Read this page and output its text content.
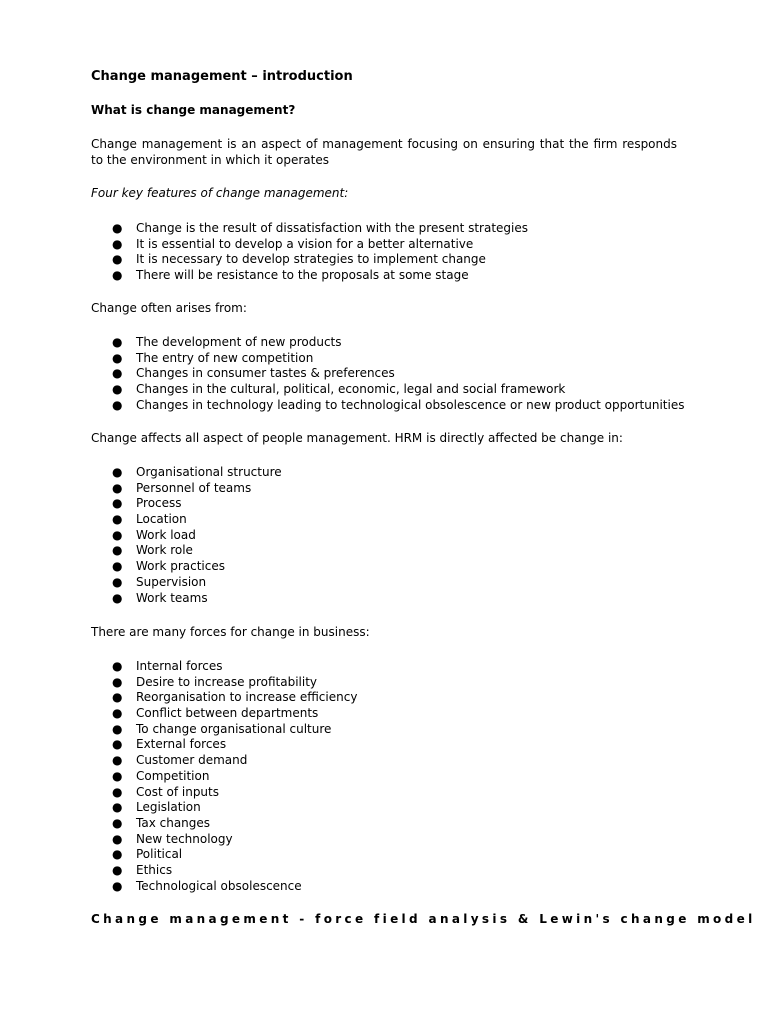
Change management – introduction
What is change management?
Change management is an aspect of management focusing on ensuring that the firm responds to the environment in which it operates
Four key features of change management:
● Change is the result of dissatisfaction with the present strategies
● It is essential to develop a vision for a better alternative
● It is necessary to develop strategies to implement change
● There will be resistance to the proposals at some stage
Change often arises from:
● The development of new products
● The entry of new competition
● Changes in consumer tastes & preferences
● Changes in the cultural, political, economic, legal and social framework
● Changes in technology leading to technological obsolescence or new product opportunities
Change affects all aspect of people management. HRM is directly affected be change in:
● Organisational structure
● Personnel of teams
● Process
● Location
● Work load
● Work role
● Work practices
● Supervision
● Work teams
There are many forces for change in business:
● Internal forces
● Desire to increase profitability
● Reorganisation to increase efficiency
● Conflict between departments
● To change organisational culture
● External forces
● Customer demand
● Competition
● Cost of inputs
● Legislation
● Tax changes
● New technology
● Political
● Ethics
● Technological obsolescence
Change management - force field analysis & Lewin's change model
